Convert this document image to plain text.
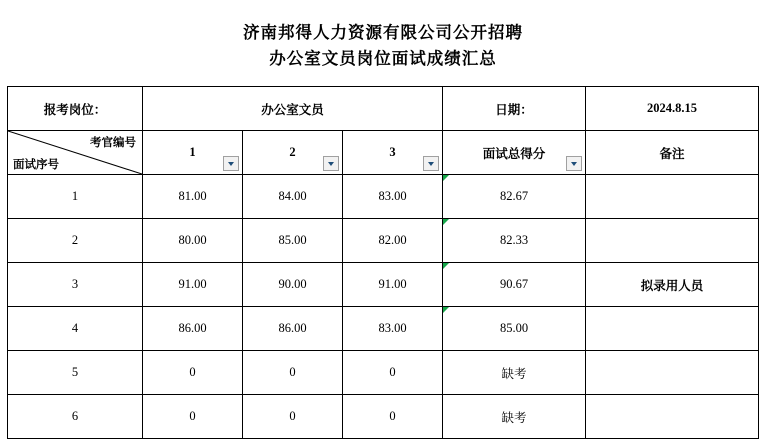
济南邦得人力资源有限公司公开招聘
办公室文员岗位面试成绩汇总
报考岗位：	办公室文员			日期：	2024.8.15

考官编号
面试序号	1	2	3	面试总得分	备注
1	81.00	84.00	83.00	82.67	
2	80.00	85.00	82.00	82.33	
3	91.00	90.00	91.00	90.67	拟录用人员
4	86.00	86.00	83.00	85.00	
5	0	0	0	缺考	
6	0	0	0	缺考	
